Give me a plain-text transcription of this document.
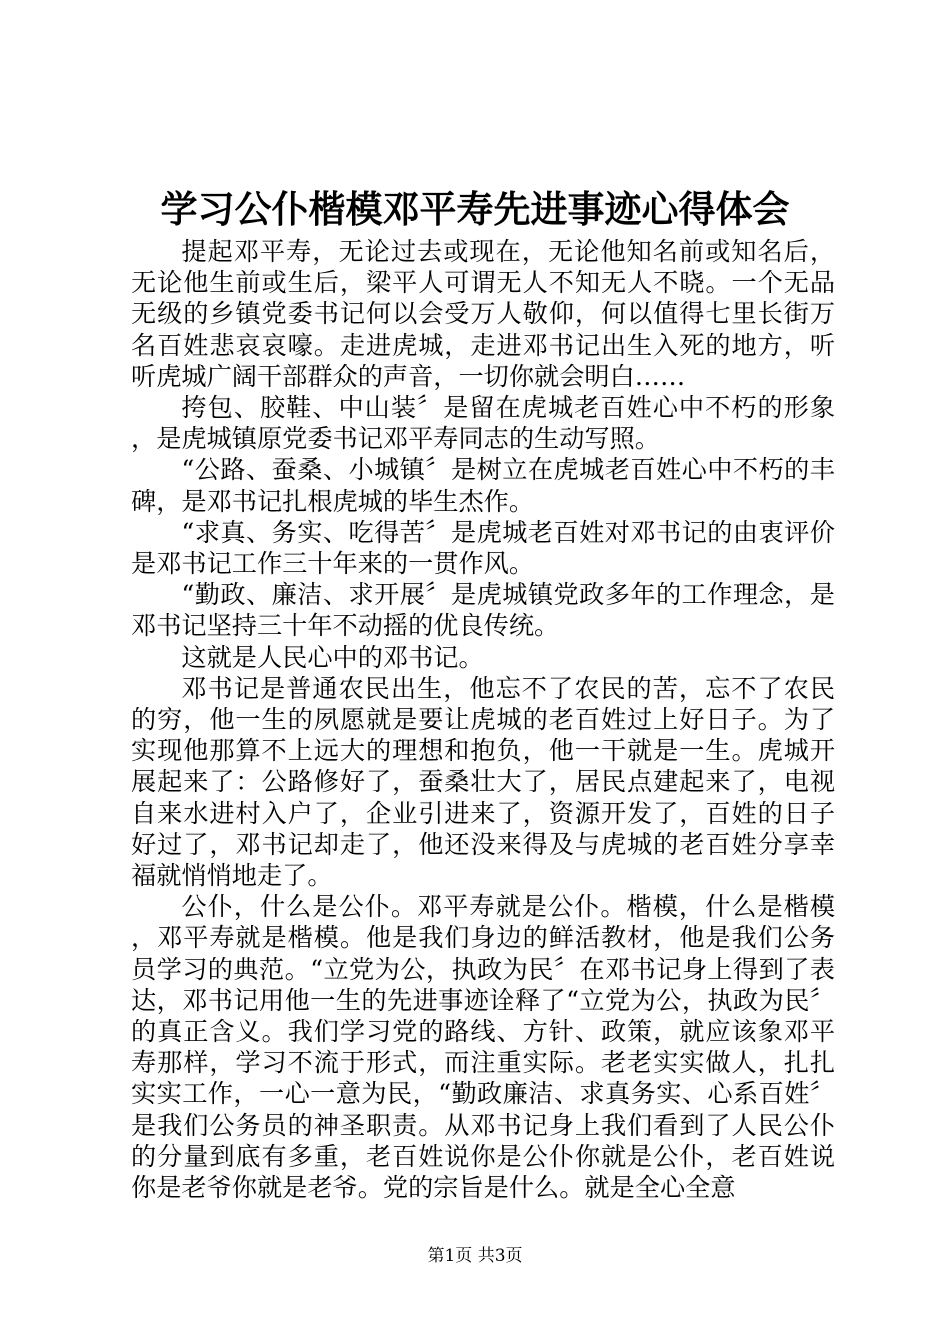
学习公仆楷模邓平寿先进事迹心得体会

提起邓平寿，无论过去或现在，无论他知名前或知名后，无论他生前或生后，梁平人可谓无人不知无人不晓。一个无品无级的乡镇党委书记何以会受万人敬仰，何以值得七里长街万名百姓悲哀哀嚎。走进虎城，走进邓书记出生入死的地方，听听虎城广阔干部群众的声音，一切你就会明白……

挎包、胶鞋、中山装〞是留在虎城老百姓心中不朽的形象，是虎城镇原党委书记邓平寿同志的生动写照。

“公路、蚕桑、小城镇〞是树立在虎城老百姓心中不朽的丰碑，是邓书记扎根虎城的毕生杰作。

“求真、务实、吃得苦〞是虎城老百姓对邓书记的由衷评价是邓书记工作三十年来的一贯作风。

“勤政、廉洁、求开展〞是虎城镇党政多年的工作理念，是邓书记坚持三十年不动摇的优良传统。

这就是人民心中的邓书记。

邓书记是普通农民出生，他忘不了农民的苦，忘不了农民的穷，他一生的夙愿就是要让虎城的老百姓过上好日子。为了实现他那算不上远大的理想和抱负，他一干就是一生。虎城开展起来了：公路修好了，蚕桑壮大了，居民点建起来了，电视自来水进村入户了，企业引进来了，资源开发了，百姓的日子好过了，邓书记却走了，他还没来得及与虎城的老百姓分享幸福就悄悄地走了。

公仆，什么是公仆。邓平寿就是公仆。楷模，什么是楷模，邓平寿就是楷模。他是我们身边的鲜活教材，他是我们公务员学习的典范。“立党为公，执政为民〞在邓书记身上得到了表达，邓书记用他一生的先进事迹诠释了“立党为公，执政为民〞的真正含义。我们学习党的路线、方针、政策，就应该象邓平寿那样，学习不流于形式，而注重实际。老老实实做人，扎扎实实工作，一心一意为民，“勤政廉洁、求真务实、心系百姓〞是我们公务员的神圣职责。从邓书记身上我们看到了人民公仆的分量到底有多重，老百姓说你是公仆你就是公仆，老百姓说你是老爷你就是老爷。党的宗旨是什么。就是全心全意

第1页 共3页
